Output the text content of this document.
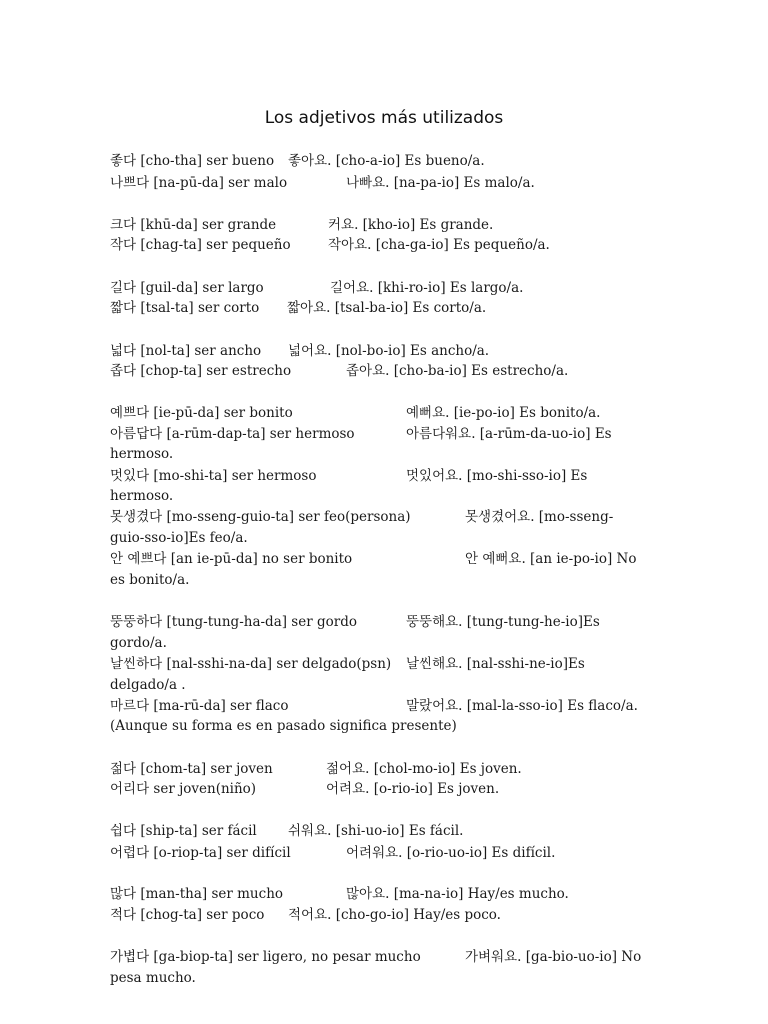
Los adjetivos más utilizados
좋다 [cho-tha] ser bueno 좋아요. [cho-a-io] Es bueno/a.
나쁘다 [na-pū-da] ser malo	나빠요. [na-pa-io] Es malo/a.
크다 [khū-da] ser grande	커요. [kho-io] Es grande.
작다 [chag-ta] ser pequeño	작아요. [cha-ga-io] Es pequeño/a.
길다 [guil-da] ser largo	길어요. [khi-ro-io] Es largo/a.
짧다 [tsal-ta] ser corto 짧아요. [tsal-ba-io] Es corto/a.
넓다 [nol-ta] ser ancho 넓어요. [nol-bo-io] Es ancho/a.
좁다 [chop-ta] ser estrecho	좁아요. [cho-ba-io] Es estrecho/a.
예쁘다 [ie-pū-da] ser bonito	예뻐요. [ie-po-io] Es bonito/a.
아름답다 [a-rūm-dap-ta] ser hermoso	아름다워요. [a-rūm-da-uo-io] Es
hermoso.
멋있다 [mo-shi-ta] ser hermoso	멋있어요. [mo-shi-sso-io] Es
hermoso.
못생겼다 [mo-sseng-guio-ta] ser feo(persona)	못생겼어요. [mo-sseng-
guio-sso-io]Es feo/a.
안 예쁘다 [an ie-pū-da] no ser bonito	안 예뻐요. [an ie-po-io] No
es bonito/a.
뚱뚱하다 [tung-tung-ha-da] ser gordo	뚱뚱해요. [tung-tung-he-io]Es
gordo/a.
날씬하다 [nal-sshi-na-da] ser delgado(psn) 날씬해요. [nal-sshi-ne-io]Es
delgado/a .
마르다 [ma-rū-da] ser flaco	말랐어요. [mal-la-sso-io] Es flaco/a.
(Aunque su forma es en pasado significa presente)
젊다 [chom-ta] ser joven	젊어요. [chol-mo-io] Es joven.
어리다 ser joven(niño)	어려요. [o-rio-io] Es joven.
쉽다 [ship-ta] ser fácil 쉬워요. [shi-uo-io] Es fácil.
어렵다 [o-riop-ta] ser difícil	어려워요. [o-rio-uo-io] Es difícil.
많다 [man-tha] ser mucho	많아요. [ma-na-io] Hay/es mucho.
적다 [chog-ta] ser poco 적어요. [cho-go-io] Hay/es poco.
가볍다 [ga-biop-ta] ser ligero, no pesar mucho	가벼워요. [ga-bio-uo-io] No
pesa mucho.
